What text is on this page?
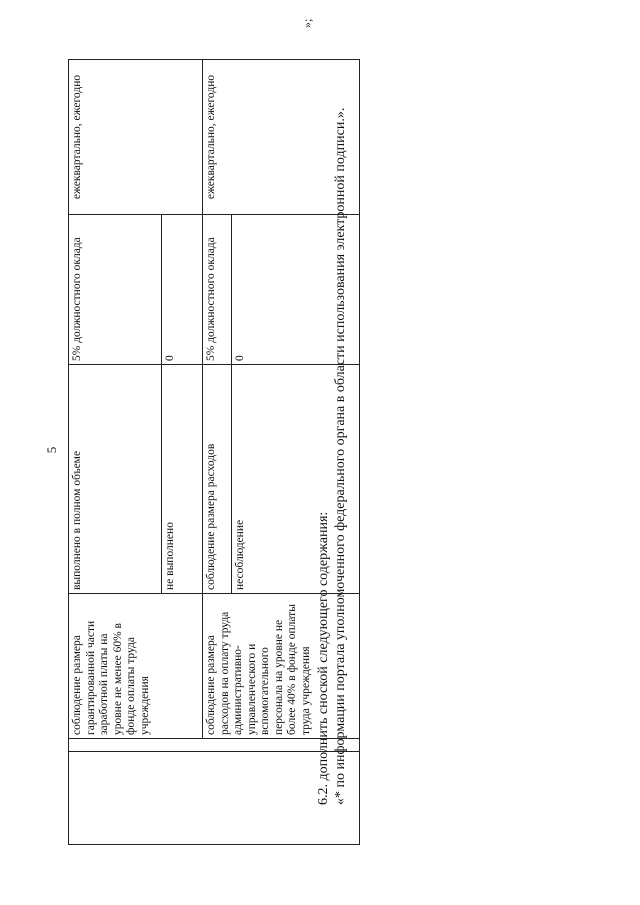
5
		соблюдение размера гарантированной части заработной платы на уровне не менее 60% в фонде оплаты труда учреждения	выполнено в полном объеме	5% должностного оклада	ежеквартально, ежегодно
			не выполнено	0	
		соблюдение размера расходов на оплату труда административно-управленческого и вспомогательного персонала на уровне не более 40% в фонде оплаты труда учреждения	соблюдение размера расходов	5% должностного оклада	ежеквартально, ежегодно
			несоблюдение	0	
»;
6.2. дополнить сноской следующего содержания: «* по информации портала уполномоченного федерального органа в области использования электронной подписи.».
